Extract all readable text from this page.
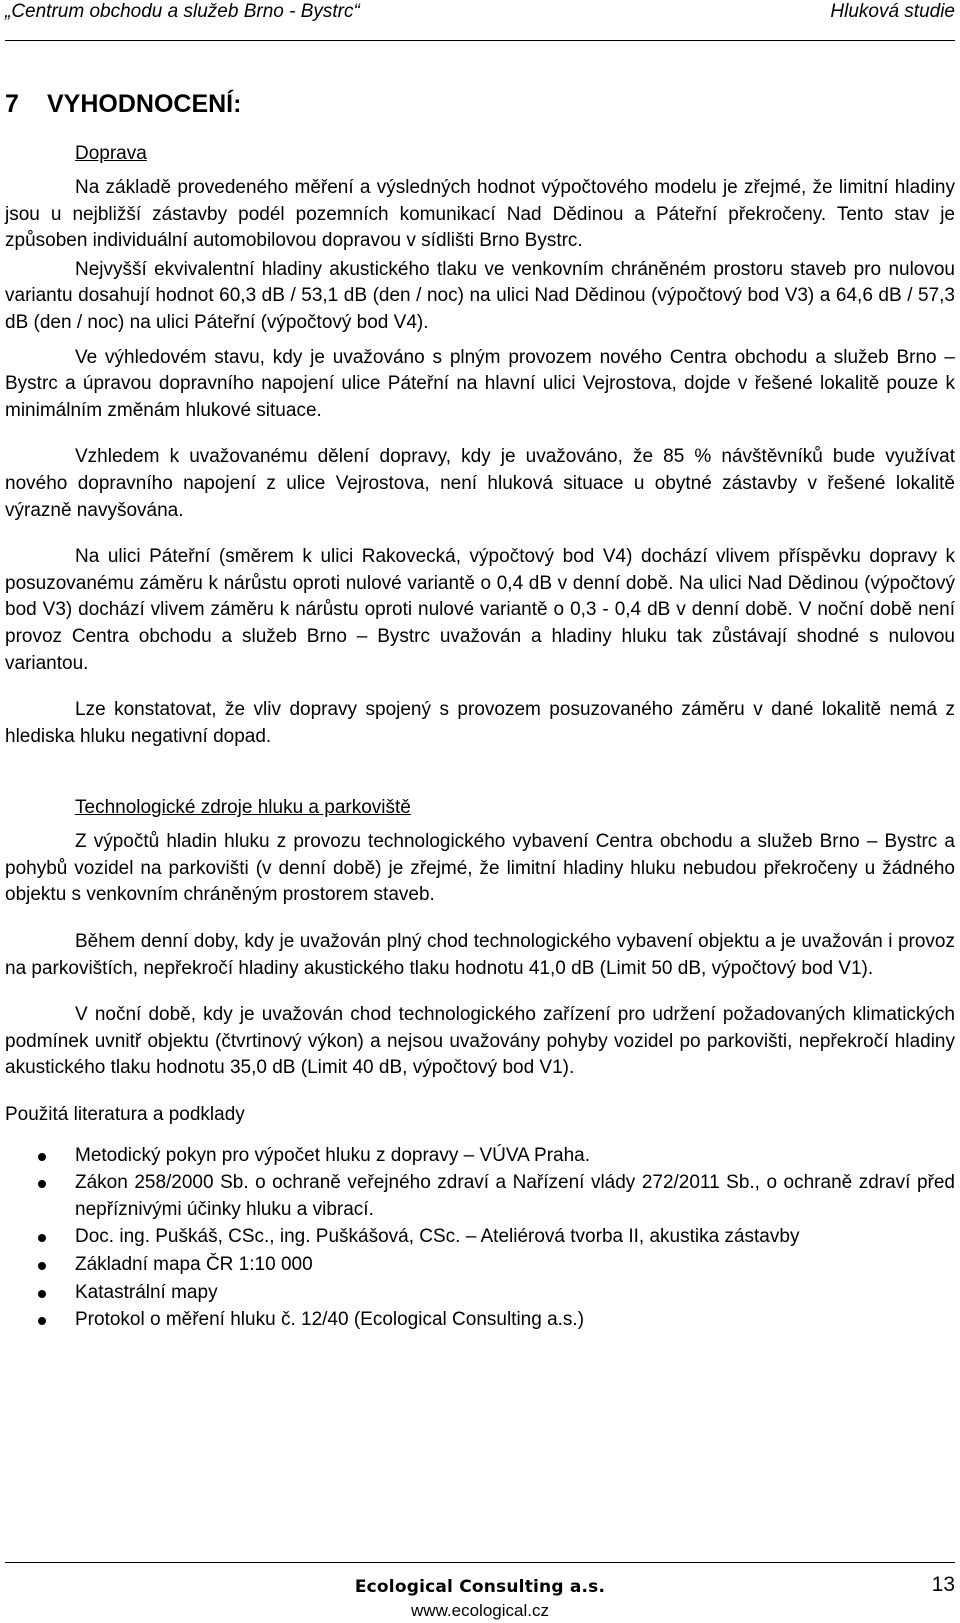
„Centrum obchodu a služeb Brno - Bystrc“	Hluková studie
7 VYHODNOCENÍ:
Doprava

Na základě provedeného měření a výsledných hodnot výpočtového modelu je zřejmé, že limitní hladiny jsou u nejbližší zástavby podél pozemních komunikací Nad Dědinou a Páteřní překročeny. Tento stav je způsoben individuální automobilovou dopravou v sídlišti Brno Bystrc.

Nejvyšší ekvivalentní hladiny akustického tlaku ve venkovním chráněném prostoru staveb pro nulovou variantu dosahují hodnot 60,3 dB / 53,1 dB (den / noc) na ulici Nad Dědinou (výpočtový bod V3) a 64,6 dB / 57,3 dB (den / noc) na ulici Páteřní (výpočtový bod V4).

Ve výhledovém stavu, kdy je uvažováno s plným provozem nového Centra obchodu a služeb Brno – Bystrc a úpravou dopravního napojení ulice Páteřní na hlavní ulici Vejrostova, dojde v řešené lokalitě pouze k minimálním změnám hlukové situace.

Vzhledem k uvažovanému dělení dopravy, kdy je uvažováno, že 85 % návštěvníků bude využívat nového dopravního napojení z ulice Vejrostova, není hluková situace u obytné zástavby v řešené lokalitě výrazně navyšována.

Na ulici Páteřní (směrem k ulici Rakovecká, výpočtový bod V4) dochází vlivem příspěvku dopravy k posuzovanému záměru k nárůstu oproti nulové variantě o 0,4 dB v denní době. Na ulici Nad Dědinou (výpočtový bod V3) dochází vlivem záměru k nárůstu oproti nulové variantě o 0,3 - 0,4 dB v denní době. V noční době není provoz Centra obchodu a služeb Brno – Bystrc uvažován a hladiny hluku tak zůstávají shodné s nulovou variantou.

Lze konstatovat, že vliv dopravy spojený s provozem posuzovaného záměru v dané lokalitě nemá z hlediska hluku negativní dopad.

Technologické zdroje hluku a parkoviště

Z výpočtů hladin hluku z provozu technologického vybavení Centra obchodu a služeb Brno – Bystrc a pohybů vozidel na parkovišti (v denní době) je zřejmé, že limitní hladiny hluku nebudou překročeny u žádného objektu s venkovním chráněným prostorem staveb.

Během denní doby, kdy je uvažován plný chod technologického vybavení objektu a je uvažován i provoz na parkovištích, nepřekročí hladiny akustického tlaku hodnotu 41,0 dB (Limit 50 dB, výpočtový bod V1).

V noční době, kdy je uvažován chod technologického zařízení pro udržení požadovaných klimatických podmínek uvnitř objektu (čtvrtinový výkon) a nejsou uvažovány pohyby vozidel po parkovišti, nepřekročí hladiny akustického tlaku hodnotu 35,0 dB (Limit 40 dB, výpočtový bod V1).

Použitá literatura a podklady
Metodický pokyn pro výpočet hluku z dopravy – VÚVA Praha.
Zákon 258/2000 Sb. o ochraně veřejného zdraví a Nařízení vlády 272/2011 Sb., o ochraně zdraví před nepříznivými účinky hluku a vibrací.
Doc. ing. Puškáš, CSc., ing. Puškášová, CSc. – Ateliérová tvorba II, akustika zástavby
Základní mapa ČR 1:10 000
Katastrální mapy
Protokol o měření hluku č. 12/40 (Ecological Consulting a.s.)
Ecological Consulting a.s.
www.ecological.cz
13
